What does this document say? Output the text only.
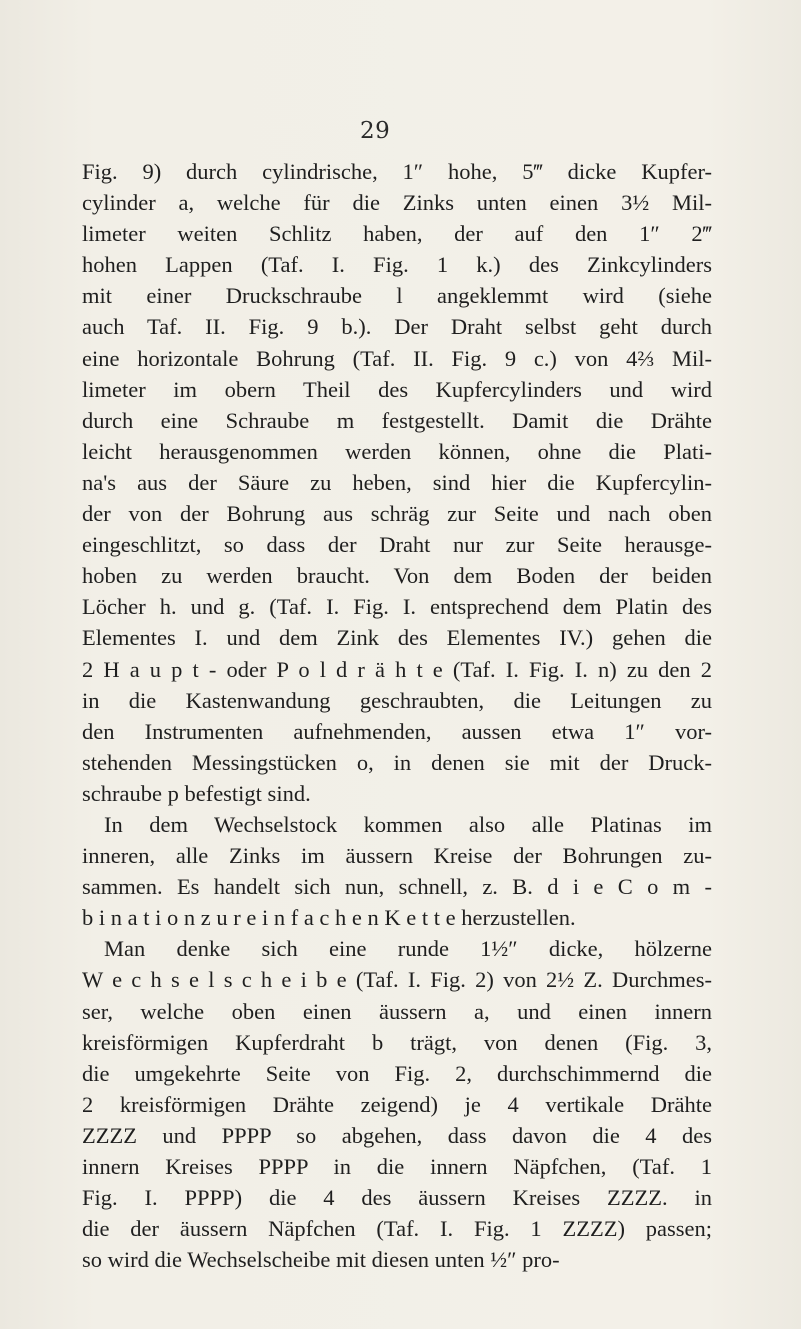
29
Fig. 9) durch cylindrische, 1″ hohe, 5‴ dicke Kupfer-
cylinder a, welche für die Zinks unten einen 3½ Mil-
limeter weiten Schlitz haben, der auf den 1″ 2‴
hohen Lappen (Taf. I. Fig. 1 k.) des Zinkcylinders
mit einer Druckschraube l angeklemmt wird (siehe
auch Taf. II. Fig. 9 b.). Der Draht selbst geht durch
eine horizontale Bohrung (Taf. II. Fig. 9 c.) von 4⅔ Mil-
limeter im obern Theil des Kupfercylinders und wird
durch eine Schraube m festgestellt. Damit die Drähte
leicht herausgenommen werden können, ohne die Plati-
na's aus der Säure zu heben, sind hier die Kupfercylin-
der von der Bohrung aus schräg zur Seite und nach oben
eingeschlitzt, so dass der Draht nur zur Seite herausge-
hoben zu werden braucht. Von dem Boden der beiden
Löcher h. und g. (Taf. I. Fig. I. entsprechend dem Platin des
Elementes I. und dem Zink des Elementes IV.) gehen die
2 H a u p t - oder P o l d r ä h t e (Taf. I. Fig. I. n) zu den 2
in die Kastenwandung geschraubten, die Leitungen zu
den Instrumenten aufnehmenden, aussen etwa 1″ vor-
stehenden Messingstücken o, in denen sie mit der Druck-
schraube p befestigt sind.
In dem Wechselstock kommen also alle Platinas im
inneren, alle Zinks im äussern Kreise der Bohrungen zu-
sammen. Es handelt sich nun, schnell, z. B. d i e C o m -
b i n a t i o n z u r e i n f a c h e n K e t t e herzustellen.
Man denke sich eine runde 1½″ dicke, hölzerne
W e c h s e l s c h e i b e (Taf. I. Fig. 2) von 2½ Z. Durchmes-
ser, welche oben einen äussern a, und einen innern
kreisförmigen Kupferdraht b trägt, von denen (Fig. 3,
die umgekehrte Seite von Fig. 2, durchschimmernd die
2 kreisförmigen Drähte zeigend) je 4 vertikale Drähte
ZZZZ und PPPP so abgehen, dass davon die 4 des
innern Kreises PPPP in die innern Näpfchen, (Taf. 1
Fig. I. PPPP) die 4 des äussern Kreises ZZZZ. in
die der äussern Näpfchen (Taf. I. Fig. 1 ZZZZ) passen;
so wird die Wechselscheibe mit diesen unten ½″ pro-
